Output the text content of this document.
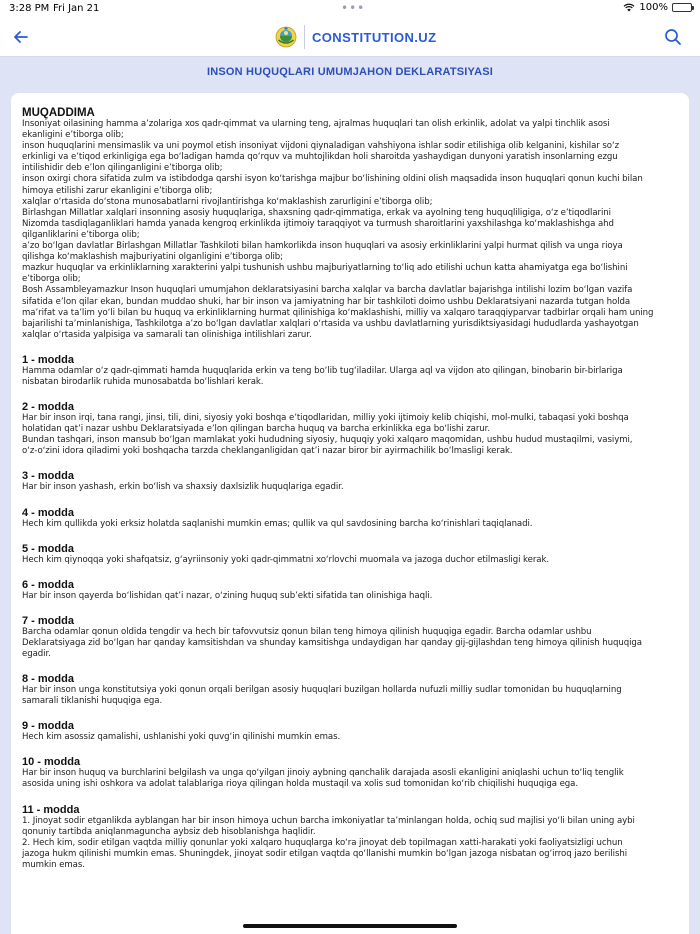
3:28 PM Fri Jan 21	•••	100%
CONSTITUTION.UZ
INSON HUQUQLARI UMUMJAHON DEKLARATSIYASI
MUQADDIMA
Insoniyat oilasining hamma a’zolariga xos qadr-qimmat va ularning teng, ajralmas huquqlari tan olish erkinlik, adolat va yalpi tinchlik asosi
ekanligini e’tiborga olib;
inson huquqlarini mensimaslik va uni poymol etish insoniyat vijdoni qiynaladigan vahshiyona ishlar sodir etilishiga olib kelganini, kishilar so‘z
erkinligi va e’tiqod erkinligiga ega bo‘ladigan hamda qo‘rquv va muhtojlikdan holi sharoitda yashaydigan dunyoni yaratish insonlarning ezgu
intilishidir deb e’lon qilinganligini e’tiborga olib;
inson oxirgi chora sifatida zulm va istibdodga qarshi isyon ko‘tarishga majbur bo‘lishining oldini olish maqsadida inson huquqlari qonun kuchi bilan
himoya etilishi zarur ekanligini e’tiborga olib;
xalqlar o‘rtasida do‘stona munosabatlarni rivojlantirishga ko‘maklashish zarurligini e’tiborga olib;
Birlashgan Millatlar xalqlari insonning asosiy huquqlariga, shaxsning qadr-qimmatiga, erkak va ayolning teng huquqliligiga, o‘z e’tiqodlarini
Nizomda tasdiqlaganliklari hamda yanada kengroq erkinlikda ijtimoiy taraqqiyot va turmush sharoitlarini yaxshilashga ko‘maklashishga ahd
qilganliklarini e’tiborga olib;
a’zo bo‘lgan davlatlar Birlashgan Millatlar Tashkiloti bilan hamkorlikda inson huquqlari va asosiy erkinliklarini yalpi hurmat qilish va unga rioya
qilishga ko‘maklashish majburiyatini olganligini e’tiborga olib;
mazkur huquqlar va erkinliklarning xarakterini yalpi tushunish ushbu majburiyatlarning to‘liq ado etilishi uchun katta ahamiyatga ega bo‘lishini
e’tiborga olib;
Bosh Assambleyamazkur Inson huquqlari umumjahon deklaratsiyasini barcha xalqlar va barcha davlatlar bajarishga intilishi lozim bo‘lgan vazifa
sifatida e’lon qilar ekan, bundan muddao shuki, har bir inson va jamiyatning har bir tashkiloti doimo ushbu Deklaratsiyani nazarda tutgan holda
ma’rifat va ta’lim yo‘li bilan bu huquq va erkinliklarning hurmat qilinishiga ko‘maklashishi, milliy va xalqaro taraqqiyparvar tadbirlar orqali ham uning
bajarilishi ta’minlanishiga, Tashkilotga a’zo bo‘lgan davlatlar xalqlari o‘rtasida va ushbu davlatlarning yurisdiktsiyasidagi hududlarda yashayotgan
xalqlar o‘rtasida yalpisiga va samarali tan olinishiga intilishlari zarur.
1 - modda
Hamma odamlar o‘z qadr-qimmati hamda huquqlarida erkin va teng bo‘lib tug‘iladilar. Ularga aql va vijdon ato qilingan, binobarin bir-birlariga
nisbatan birodarlik ruhida munosabatda bo‘lishlari kerak.
2 - modda
Har bir inson irqi, tana rangi, jinsi, tili, dini, siyosiy yoki boshqa e’tiqodlaridan, milliy yoki ijtimoiy kelib chiqishi, mol-mulki, tabaqasi yoki boshqa
holatidan qat’i nazar ushbu Deklaratsiyada e’lon qilingan barcha huquq va barcha erkinlikka ega bo‘lishi zarur.
Bundan tashqari, inson mansub bo‘lgan mamlakat yoki hududning siyosiy, huquqiy yoki xalqaro maqomidan, ushbu hudud mustaqilmi, vasiymi,
o‘z-o‘zini idora qiladimi yoki boshqacha tarzda cheklanganligidan qat’i nazar biror bir ayirmachilik bo‘lmasligi kerak.
3 - modda
Har bir inson yashash, erkin bo‘lish va shaxsiy daxlsizlik huquqlariga egadir.
4 - modda
Hech kim qullikda yoki erksiz holatda saqlanishi mumkin emas; qullik va qul savdosining barcha ko‘rinishlari taqiqlanadi.
5 - modda
Hech kim qiynoqqa yoki shafqatsiz, g‘ayriinsoniy yoki qadr-qimmatni xo‘rlovchi muomala va jazoga duchor etilmasligi kerak.
6 - modda
Har bir inson qayerda bo‘lishidan qat’i nazar, o‘zining huquq sub’ekti sifatida tan olinishiga haqli.
7 - modda
Barcha odamlar qonun oldida tengdir va hech bir tafovvutsiz qonun bilan teng himoya qilinish huquqiga egadir. Barcha odamlar ushbu
Deklaratsiyaga zid bo‘lgan har qanday kamsitishdan va shunday kamsitishga undaydigan har qanday gij-gijlashdan teng himoya qilinish huquqiga
egadir.
8 - modda
Har bir inson unga konstitutsiya yoki qonun orqali berilgan asosiy huquqlari buzilgan hollarda nufuzli milliy sudlar tomonidan bu huquqlarning
samarali tiklanishi huquqiga ega.
9 - modda
Hech kim asossiz qamalishi, ushlanishi yoki quvg‘in qilinishi mumkin emas.
10 - modda
Har bir inson huquq va burchlarini belgilash va unga qo‘yilgan jinoiy aybning qanchalik darajada asosli ekanligini aniqlashi uchun to‘liq tenglik
asosida uning ishi oshkora va adolat talablariga rioya qilingan holda mustaqil va xolis sud tomonidan ko‘rib chiqilishi huquqiga ega.
11 - modda
1. Jinoyat sodir etganlikda ayblangan har bir inson himoya uchun barcha imkoniyatlar ta’minlangan holda, ochiq sud majlisi yo‘li bilan uning aybi
qonuniy tartibda aniqlanmaguncha aybsiz deb hisoblanishga haqlidir.
2. Hech kim, sodir etilgan vaqtda milliy qonunlar yoki xalqaro huquqlarga ko‘ra jinoyat deb topilmagan xatti-harakati yoki faoliyatsizligi uchun
jazoga hukm qilinishi mumkin emas. Shuningdek, jinoyat sodir etilgan vaqtda qo‘llanishi mumkin bo‘lgan jazoga nisbatan og‘irroq jazo berilishi
mumkin emas.
